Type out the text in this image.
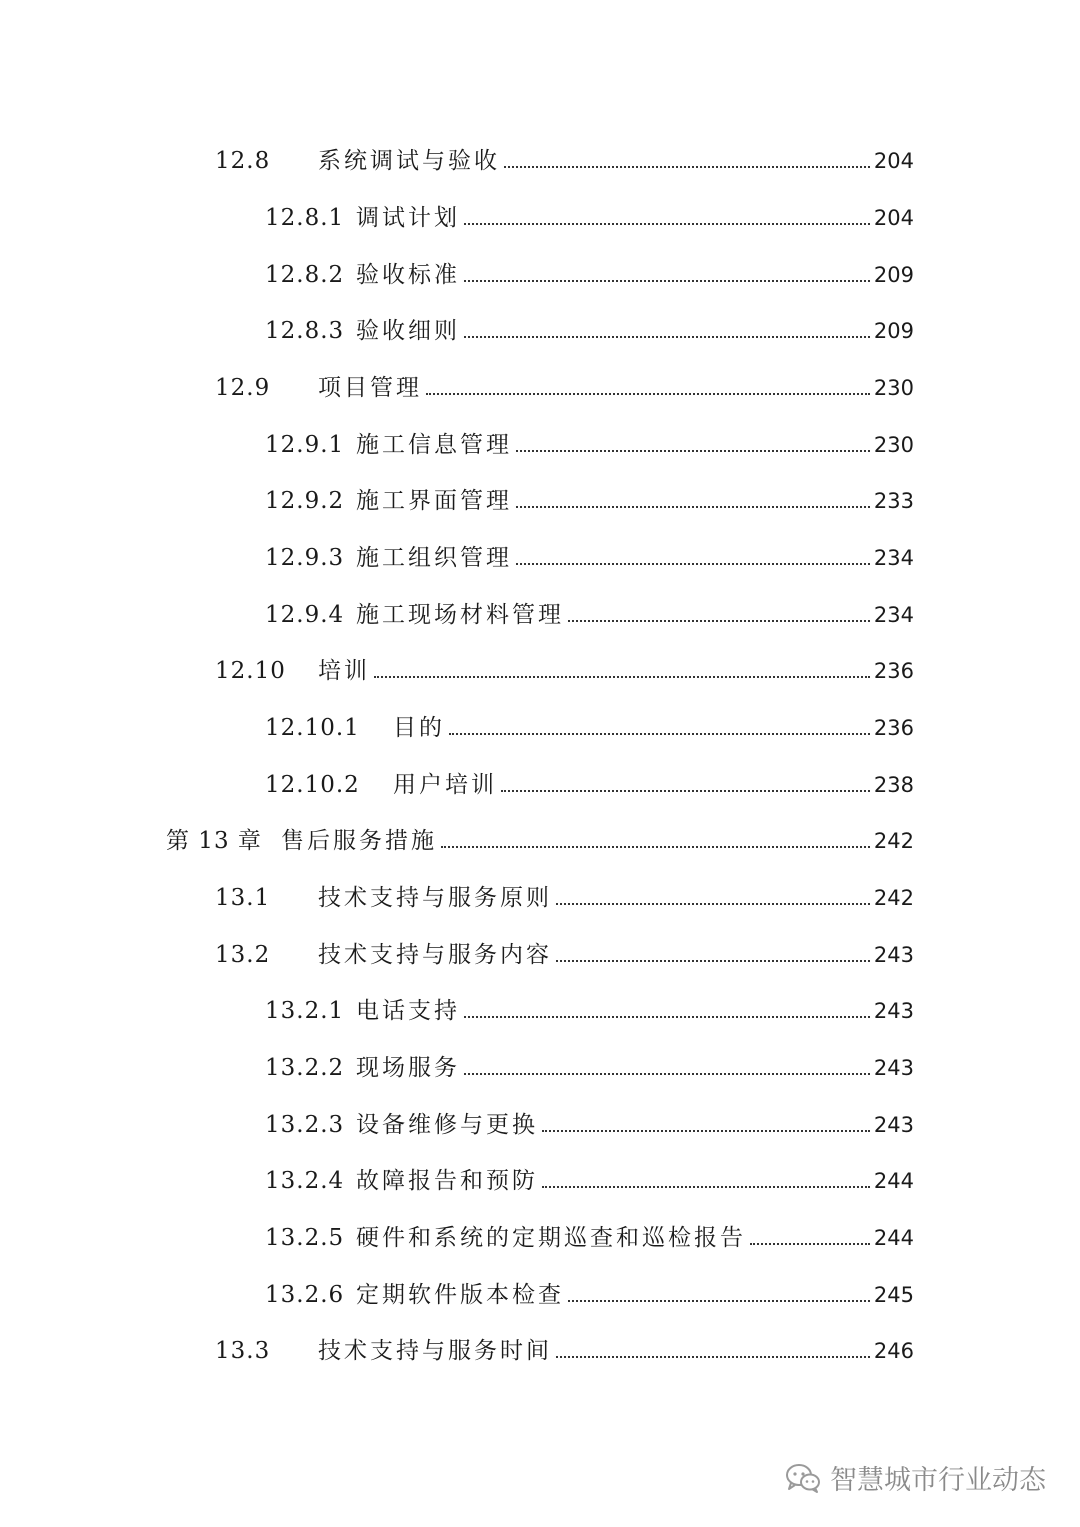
12.8	系统调试与验收	204
12.8.1 调试计划	204
12.8.2 验收标准	209
12.8.3 验收细则	209
12.9	项目管理	230
12.9.1 施工信息管理	230
12.9.2 施工界面管理	233
12.9.3 施工组织管理	234
12.9.4 施工现场材料管理	234
12.10	培训	236
12.10.1	目的	236
12.10.2	用户培训	238
第 13 章 售后服务措施	242
13.1	技术支持与服务原则	242
13.2	技术支持与服务内容	243
13.2.1 电话支持	243
13.2.2 现场服务	243
13.2.3 设备维修与更换	243
13.2.4 故障报告和预防	244
13.2.5 硬件和系统的定期巡查和巡检报告	244
13.2.6 定期软件版本检查	245
13.3	技术支持与服务时间	246
智慧城市行业动态
